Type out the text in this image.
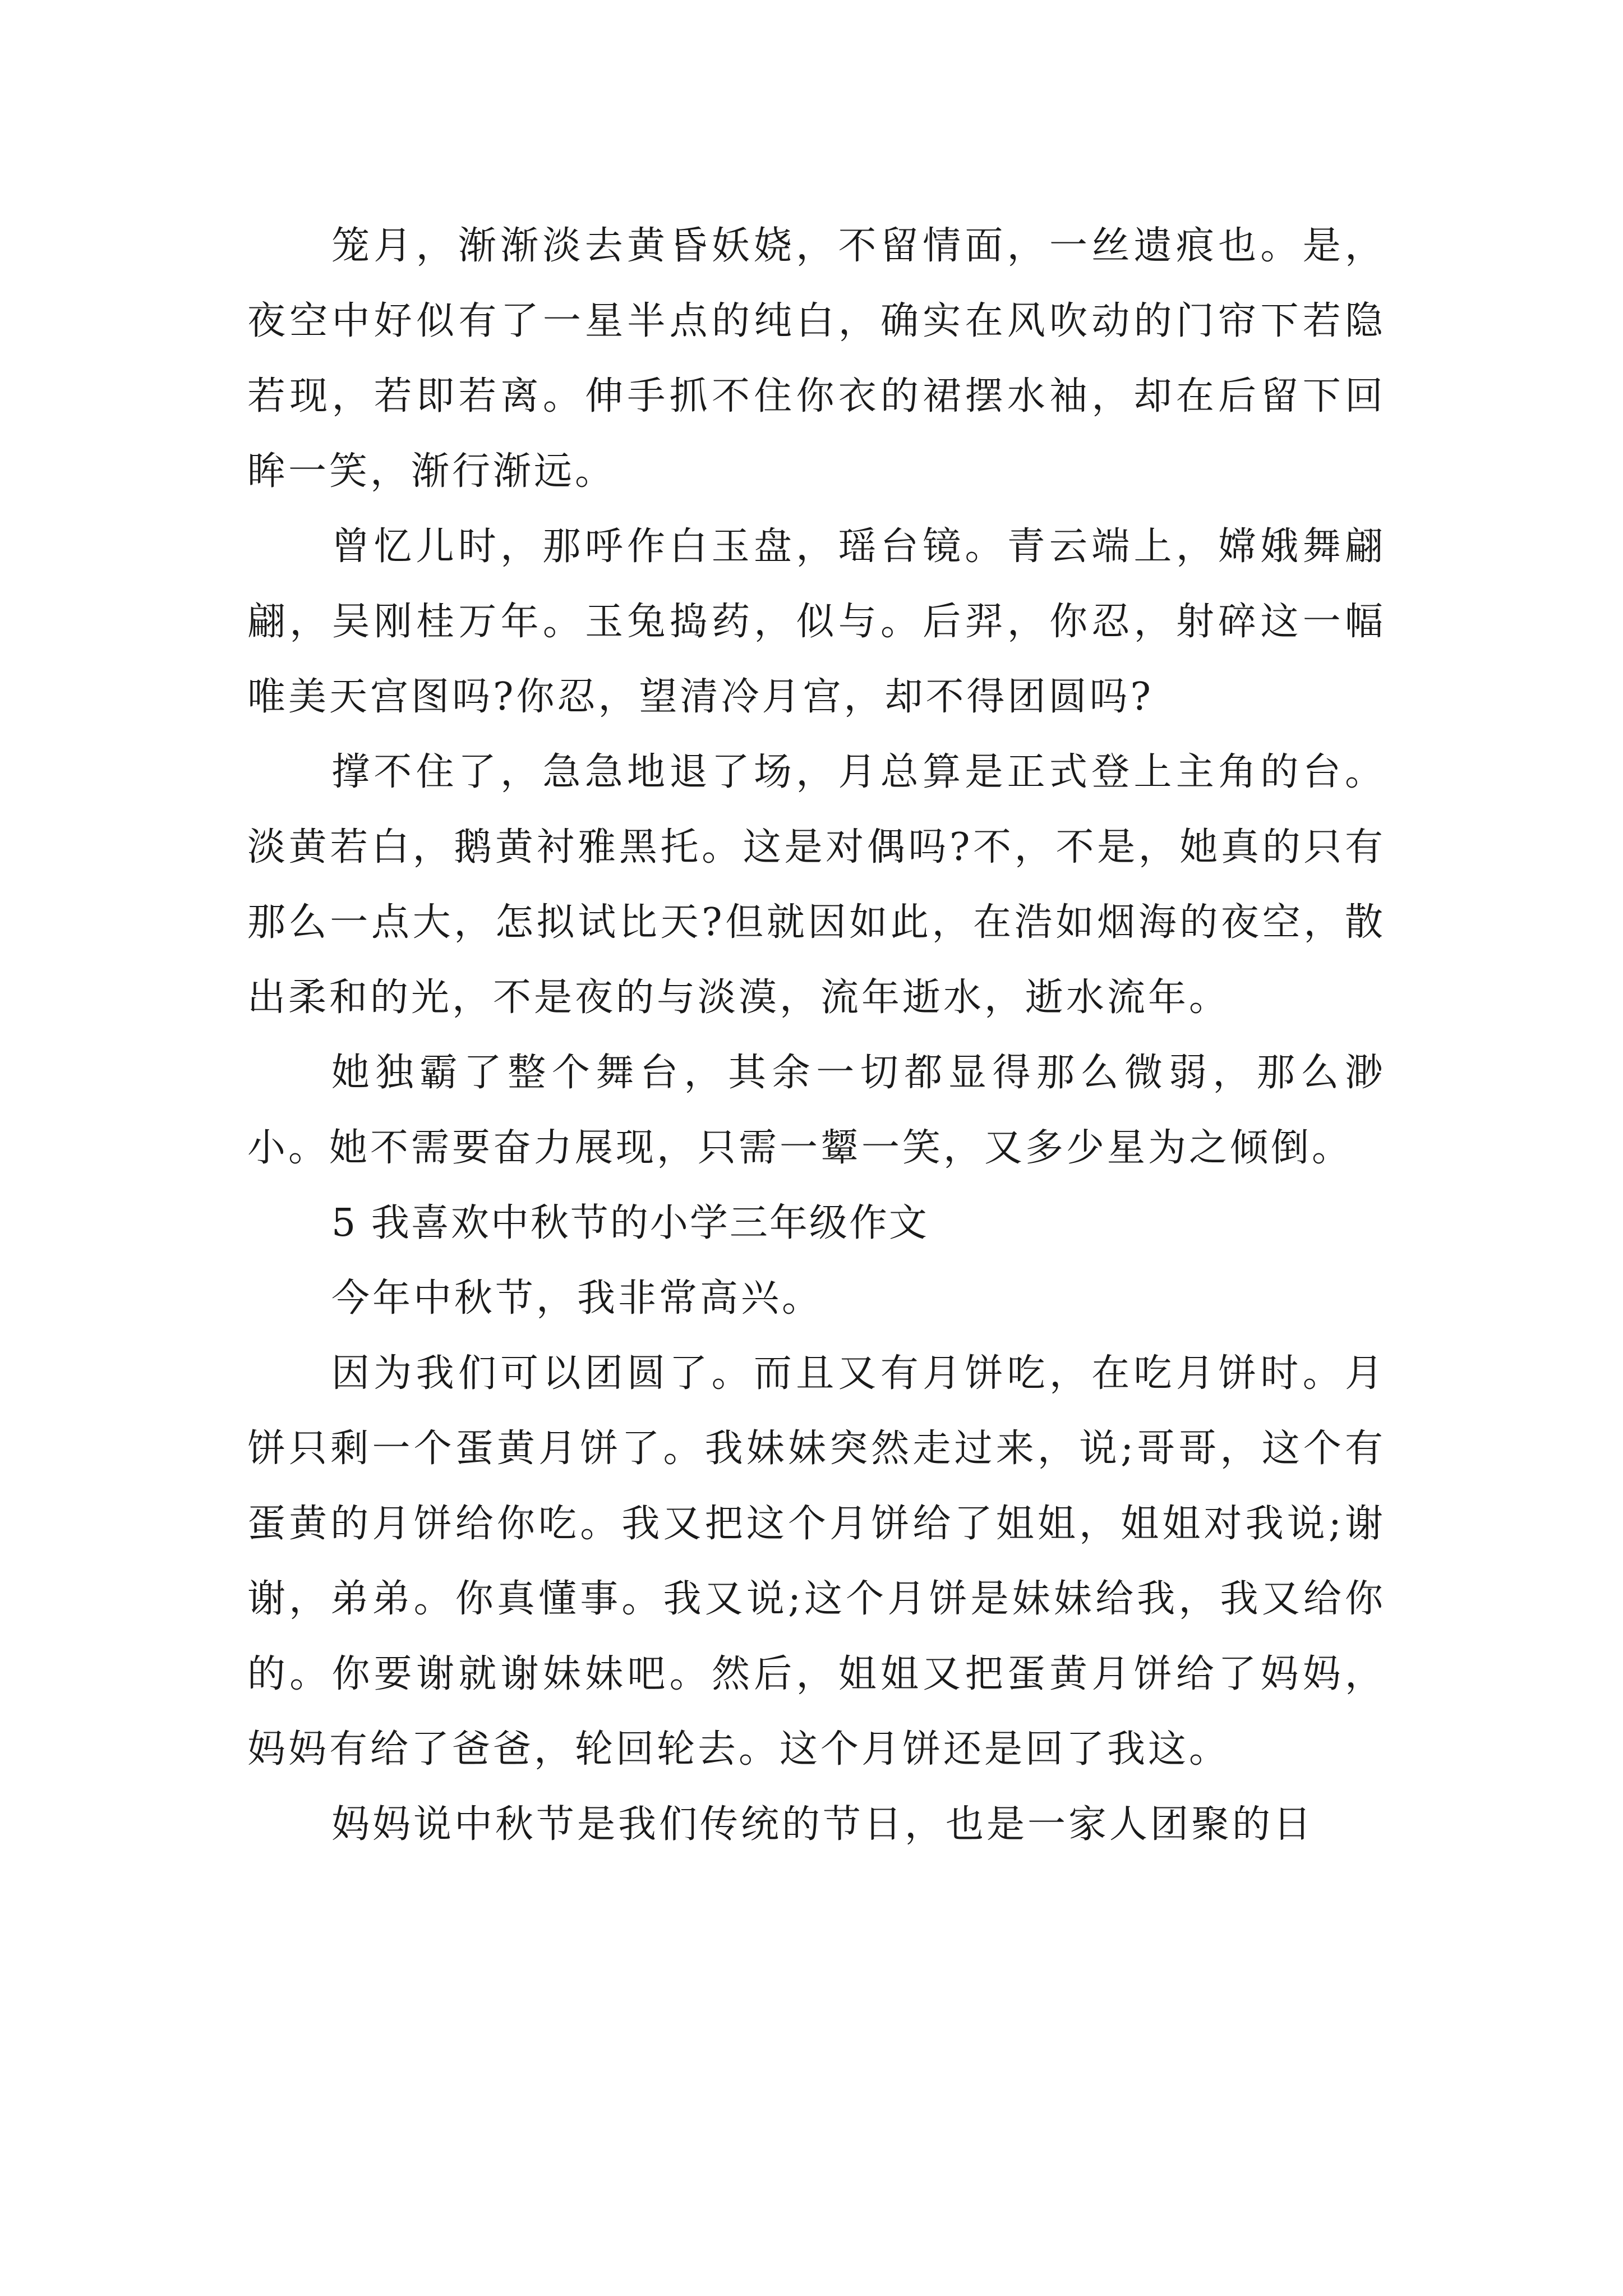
笼月，渐渐淡去黄昏妖娆，不留情面，一丝遗痕也。是，夜空中好似有了一星半点的纯白，确实在风吹动的门帘下若隐若现，若即若离。伸手抓不住你衣的裙摆水袖，却在后留下回眸一笑，渐行渐远。

曾忆儿时，那呼作白玉盘，瑶台镜。青云端上，嫦娥舞翩翩，吴刚桂万年。玉兔捣药，似与。后羿，你忍，射碎这一幅唯美天宫图吗?你忍，望清冷月宫，却不得团圆吗?

撑不住了，急急地退了场，月总算是正式登上主角的台。淡黄若白，鹅黄衬雅黑托。这是对偶吗?不，不是，她真的只有那么一点大，怎拟试比天?但就因如此，在浩如烟海的夜空，散出柔和的光，不是夜的与淡漠，流年逝水，逝水流年。

她独霸了整个舞台，其余一切都显得那么微弱，那么渺小。她不需要奋力展现，只需一颦一笑，又多少星为之倾倒。

5 我喜欢中秋节的小学三年级作文

今年中秋节，我非常高兴。

因为我们可以团圆了。而且又有月饼吃，在吃月饼时。月饼只剩一个蛋黄月饼了。我妹妹突然走过来，说;哥哥，这个有蛋黄的月饼给你吃。我又把这个月饼给了姐姐，姐姐对我说;谢谢，弟弟。你真懂事。我又说;这个月饼是妹妹给我，我又给你的。你要谢就谢妹妹吧。然后，姐姐又把蛋黄月饼给了妈妈，妈妈有给了爸爸，轮回轮去。这个月饼还是回了我这。

妈妈说中秋节是我们传统的节日，也是一家人团聚的日
